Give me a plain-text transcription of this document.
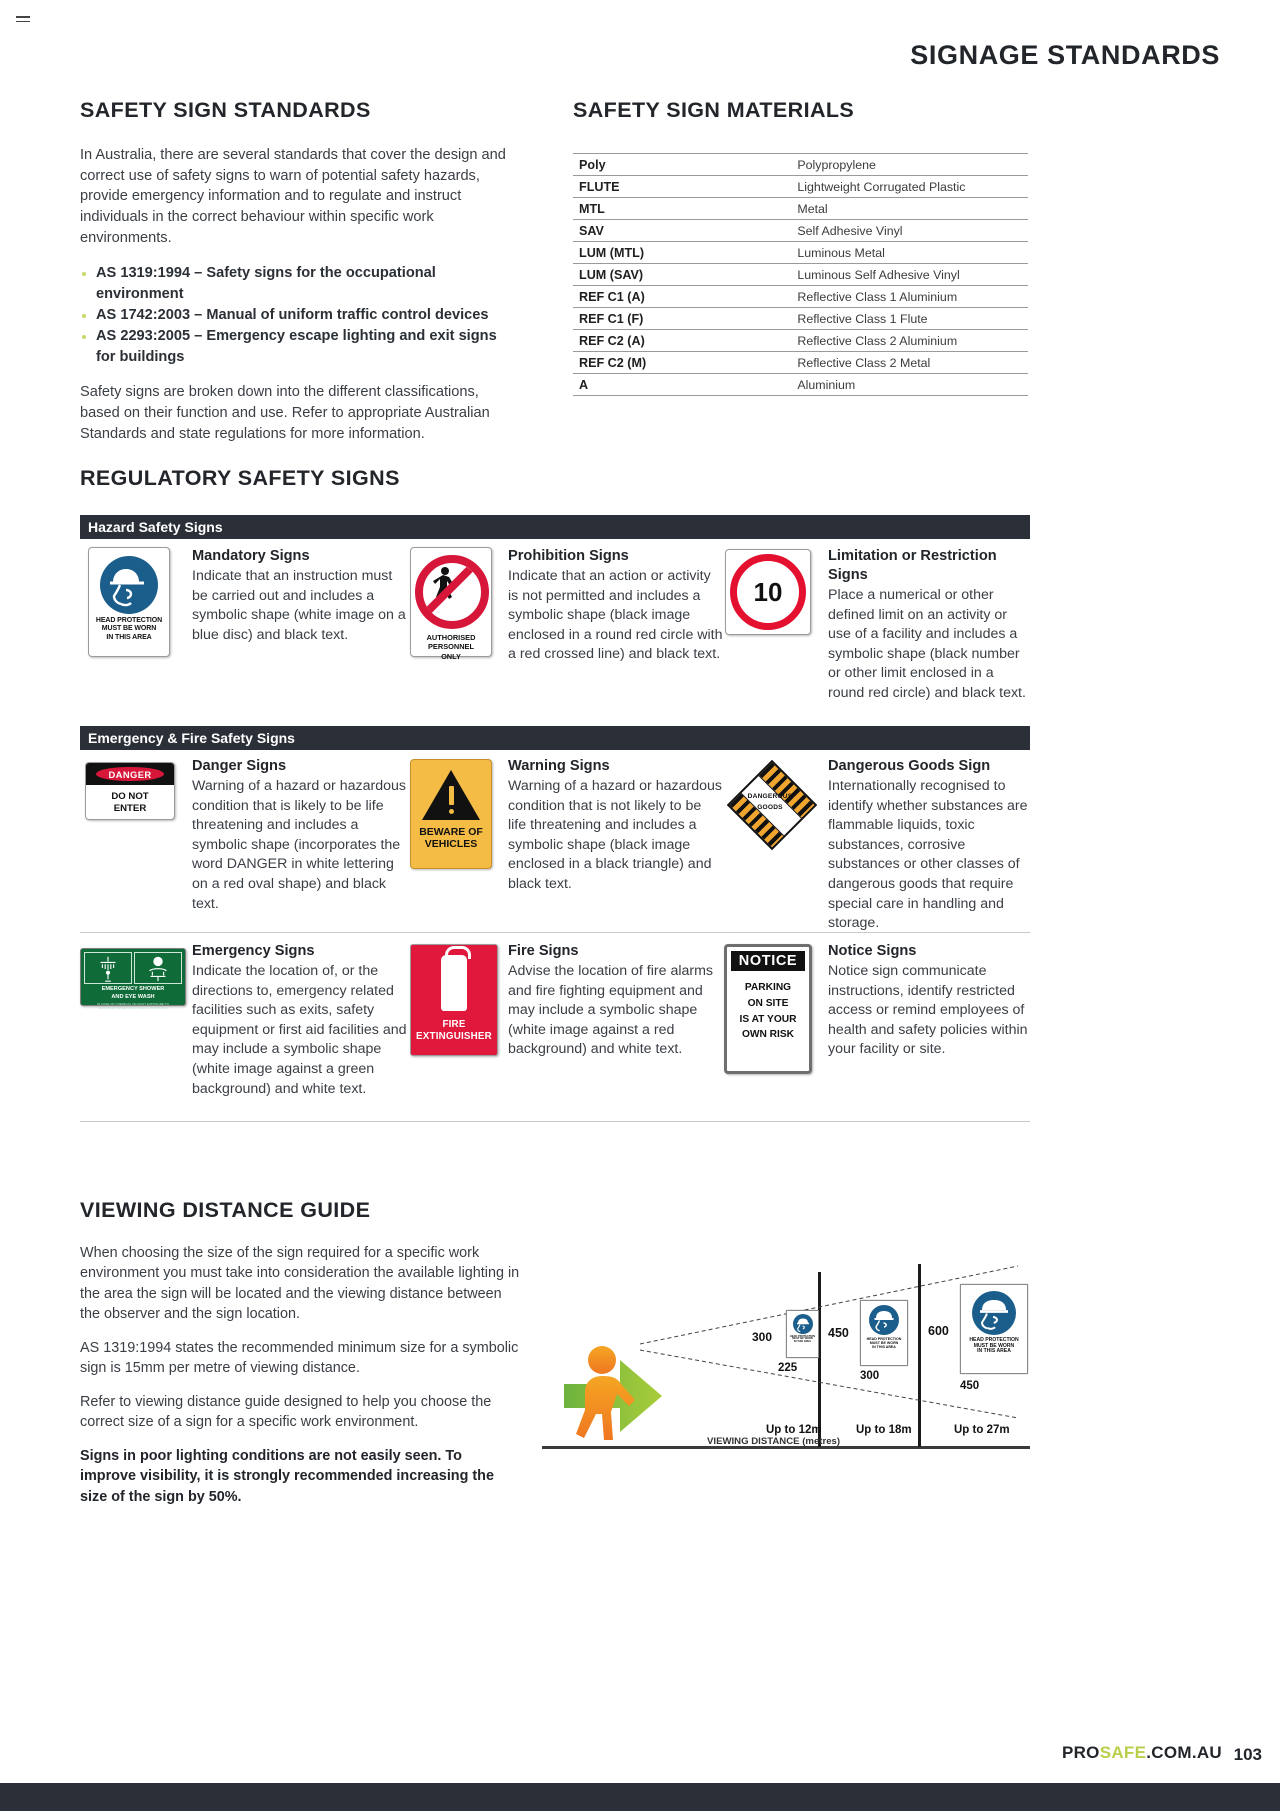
SIGNAGE STANDARDS
SAFETY SIGN STANDARDS

In Australia, there are several standards that cover the design and correct use of safety signs to warn of potential safety hazards, provide emergency information and to regulate and instruct individuals in the correct behaviour within specific work environments.

AS 1319:1994 – Safety signs for the occupational environment
AS 1742:2003 – Manual of uniform traffic control devices
AS 2293:2005 – Emergency escape lighting and exit signs for buildings

Safety signs are broken down into the different classifications, based on their function and use. Refer to appropriate Australian Standards and state regulations for more information.

SAFETY SIGN MATERIALS
Poly	Polypropylene
FLUTE	Lightweight Corrugated Plastic
MTL	Metal
SAV	Self Adhesive Vinyl
LUM (MTL)	Luminous Metal
LUM (SAV)	Luminous Self Adhesive Vinyl
REF C1 (A)	Reflective Class 1 Aluminium
REF C1 (F)	Reflective Class 1 Flute
REF C2 (A)	Reflective Class 2 Aluminium
REF C2 (M)	Reflective Class 2 Metal
A	Aluminium
REGULATORY SAFETY SIGNS
Hazard Safety Signs
Emergency & Fire Safety Signs
HEAD PROTECTION
MUST BE WORN
IN THIS AREA
Mandatory Signs
Indicate that an instruction must be carried out and includes a symbolic shape (white image on a blue disc) and black text.	AUTHORISED
PERSONNEL
ONLY
Prohibition Signs
Indicate that an action or activity is not permitted and includes a symbolic shape (black image enclosed in a round red circle with a red crossed line) and black text.
10
Limitation or Restriction Signs
Place a numerical or other defined limit on an activity or use of a facility and includes a symbolic shape (black number or other limit enclosed in a round red circle) and black text.
DANGER
DO NOT
ENTER
Danger Signs
Warning of a hazard or hazardous condition that is likely to be life threatening and includes a symbolic shape (incorporates the word DANGER in white lettering on a red oval shape) and black text.
BEWARE OF
VEHICLES
Warning Signs
Warning of a hazard or hazardous condition that is not likely to be life threatening and includes a symbolic shape (black image enclosed in a black triangle) and black text.
DANGEROUS
GOODS
Dangerous Goods Sign
Internationally recognised to identify whether substances are flammable liquids, toxic substances, corrosive substances or other classes of dangerous goods that require special care in handling and storage.
EMERGENCY SHOWER
AND EYE WASH
IN CASE OF CHEMICAL OR DUST EXPOSURE TO
WASH BODY/EYES FOR AT LEAST 15 MINUTES
Emergency Signs
Indicate the location of, or the directions to, emergency related facilities such as exits, safety equipment or first aid facilities and may include a symbolic shape (white image against a green background) and white text.
FIRE
EXTINGUISHER
Fire Signs
Advise the location of fire alarms and fire fighting equipment and may include a symbolic shape (white image against a red background) and white text.
NOTICE
PARKING
ON SITE
IS AT YOUR
OWN RISK
Notice Signs
Notice sign communicate instructions, identify restricted access or remind employees of health and safety policies within your facility or site.
VIEWING DISTANCE GUIDE

When choosing the size of the sign required for a specific work environment you must take into consideration the available lighting in the area the sign will be located and the viewing distance between the observer and the sign location.

AS 1319:1994 states the recommended minimum size for a symbolic sign is 15mm per metre of viewing distance.

Refer to viewing distance guide designed to help you choose the correct size of a sign for a specific work environment.

Signs in poor lighting conditions are not easily seen. To improve visibility, it is strongly recommended increasing the size of the sign by 50%.

300	HEAD PROTECTION
MUST BE WORN
IN THIS AREA
225
Up to 12m
450	HEAD PROTECTION
MUST BE WORN
IN THIS AREA
300
Up to 18m
600
HEAD PROTECTION
MUST BE WORN
IN THIS AREA
450
Up to 27m
VIEWING DISTANCE (metres)
PROSAFE.COM.AU 103
